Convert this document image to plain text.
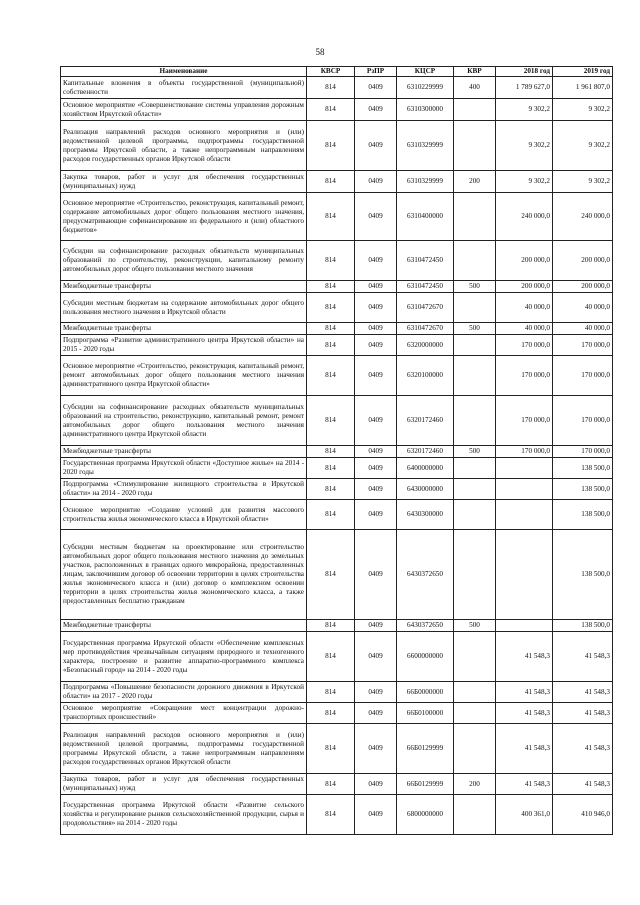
58
Наименование	КВСР	РзПР	КЦСР	КВР	2018 год	2019 год
Капитальные вложения в объекты государственной (муниципальной) собственности	814	0409	6310229999	400	1 789 627,0	1 961 807,0
Основное мероприятие «Совершенствование системы управления дорожным хозяйством Иркутской области»	814	0409	6310300000		9 302,2	9 302,2
Реализация направлений расходов основного мероприятия и (или) ведомственной целевой программы, подпрограммы государственной программы Иркутской области, а также непрограммным направлениям расходов государственных органов Иркутской области	814	0409	6310329999		9 302,2	9 302,2
Закупка товаров, работ и услуг для обеспечения государственных (муниципальных) нужд	814	0409	6310329999	200	9 302,2	9 302,2
Основное мероприятие «Строительство, реконструкция, капитальный ремонт, содержание автомобильных дорог общего пользования местного значения, предусматривающие софинансирование из федерального и (или) областного бюджетов»	814	0409	6310400000		240 000,0	240 000,0
Субсидии на софинансирование расходных обязательств муниципальных образований по строительству, реконструкции, капитальному ремонту автомобильных дорог общего пользования местного значения	814	0409	6310472450		200 000,0	200 000,0
Межбюджетные трансферты	814	0409	6310472450	500	200 000,0	200 000,0
Субсидии местным бюджетам на содержание автомобильных дорог общего пользования местного значения в Иркутской области	814	0409	6310472670		40 000,0	40 000,0
Межбюджетные трансферты	814	0409	6310472670	500	40 000,0	40 000,0
Подпрограмма «Развитие административного центра Иркутской области» на 2015 - 2020 годы	814	0409	6320000000		170 000,0	170 000,0
Основное мероприятие «Строительство, реконструкция, капитальный ремонт, ремонт автомобильных дорог общего пользования местного значения административного центра Иркутской области»	814	0409	6320100000		170 000,0	170 000,0
Субсидии на софинансирование расходных обязательств муниципальных образований на строительство, реконструкцию, капитальный ремонт, ремонт автомобильных дорог общего пользования местного значения административного центра Иркутской области	814	0409	6320172460		170 000,0	170 000,0
Межбюджетные трансферты	814	0409	6320172460	500	170 000,0	170 000,0
Государственная программа Иркутской области «Доступное жилье» на 2014 - 2020 годы	814	0409	6400000000			138 500,0
Подпрограмма «Стимулирование жилищного строительства в Иркутской области» на 2014 - 2020 годы	814	0409	6430000000			138 500,0
Основное мероприятие «Создание условий для развития массового строительства жилья экономического класса в Иркутской области»	814	0409	6430300000			138 500,0
Субсидии местным бюджетам на проектирование или строительство автомобильных дорог общего пользования местного значения до земельных участков, расположенных в границах одного микрорайона, предоставленных лицам, заключившим договор об освоении территории в целях строительства жилья экономического класса и (или) договор о комплексном освоении территории в целях строительства жилья экономического класса, а также предоставленных бесплатно гражданам	814	0409	6430372650			138 500,0
Межбюджетные трансферты	814	0409	6430372650	500		138 500,0
Государственная программа Иркутской области «Обеспечение комплексных мер противодействия чрезвычайным ситуациям природного и техногенного характера, построение и развитие аппаратно-программного комплекса «Безопасный город» на 2014 - 2020 годы	814	0409	6600000000		41 548,3	41 548,3
Подпрограмма «Повышение безопасности дорожного движения в Иркутской области» на 2017 - 2020 годы	814	0409	66Б0000000		41 548,3	41 548,3
Основное мероприятие «Сокращение мест концентрации дорожно-транспортных происшествий»	814	0409	66Б0100000		41 548,3	41 548,3
Реализация направлений расходов основного мероприятия и (или) ведомственной целевой программы, подпрограммы государственной программы Иркутской области, а также непрограммным направлениям расходов государственных органов Иркутской области	814	0409	66Б0129999		41 548,3	41 548,3
Закупка товаров, работ и услуг для обеспечения государственных (муниципальных) нужд	814	0409	66Б0129999	200	41 548,3	41 548,3
Государственная программа Иркутской области «Развитие сельского хозяйства и регулирование рынков сельскохозяйственной продукции, сырья и продовольствия» на 2014 - 2020 годы	814	0409	6800000000		400 361,0	410 946,0
